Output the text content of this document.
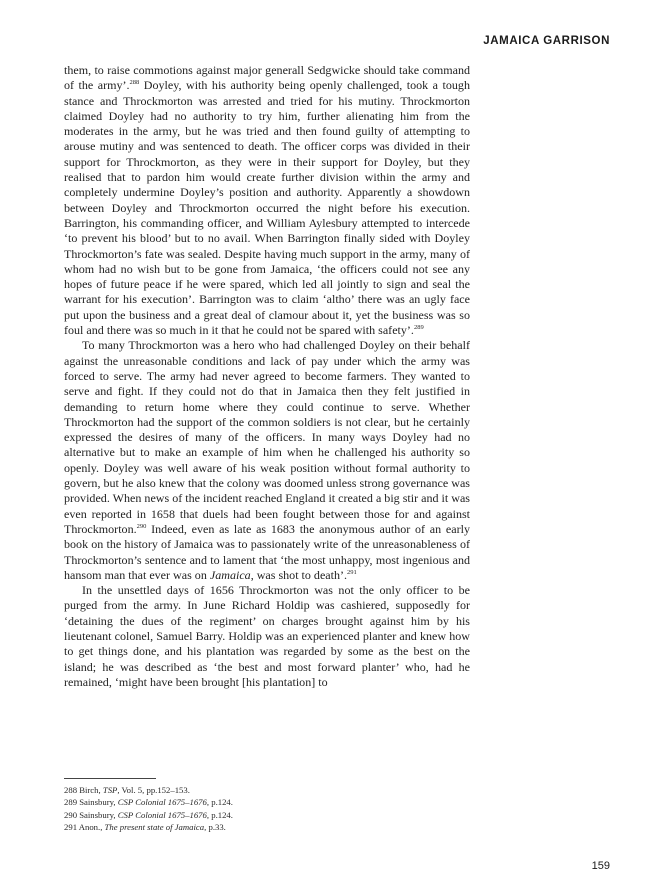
JAMAICA GARRISON

them, to raise commotions against major generall Sedgwicke should take command of the army’.$^{288}$ Doyley, with his authority being openly challenged, took a tough stance and Throckmorton was arrested and tried for his mutiny. Throckmorton claimed Doyley had no authority to try him, further alienating him from the moderates in the army, but he was tried and then found guilty of attempting to arouse mutiny and was sentenced to death. The officer corps was divided in their support for Throckmorton, as they were in their support for Doyley, but they realised that to pardon him would create further division within the army and completely undermine Doyley’s position and authority. Apparently a showdown between Doyley and Throckmorton occurred the night before his execution. Barrington, his commanding officer, and William Aylesbury attempted to intercede ‘to prevent his blood’ but to no avail. When Barrington finally sided with Doyley Throckmorton’s fate was sealed. Despite having much support in the army, many of whom had no wish but to be gone from Jamaica, ‘the officers could not see any hopes of future peace if he were spared, which led all jointly to sign and seal the warrant for his execution’. Barrington was to claim ‘altho’ there was an ugly face put upon the business and a great deal of clamour about it, yet the business was so foul and there was so much in it that he could not be spared with safety’.$^{289}$

To many Throckmorton was a hero who had challenged Doyley on their behalf against the unreasonable conditions and lack of pay under which the army was forced to serve. The army had never agreed to become farmers. They wanted to serve and fight. If they could not do that in Jamaica then they felt justified in demanding to return home where they could continue to serve. Whether Throckmorton had the support of the common soldiers is not clear, but he certainly expressed the desires of many of the officers. In many ways Doyley had no alternative but to make an example of him when he challenged his authority so openly. Doyley was well aware of his weak position without formal authority to govern, but he also knew that the colony was doomed unless strong governance was provided. When news of the incident reached England it created a big stir and it was even reported in 1658 that duels had been fought between those for and against Throckmorton.$^{290}$ Indeed, even as late as 1683 the anonymous author of an early book on the history of Jamaica was to passionately write of the unreasonableness of Throckmorton’s sentence and to lament that ‘the most unhappy, most ingenious and hansom man that ever was on Jamaica, was shot to death’.$^{291}$

In the unsettled days of 1656 Throckmorton was not the only officer to be purged from the army. In June Richard Holdip was cashiered, supposedly for ‘detaining the dues of the regiment’ on charges brought against him by his lieutenant colonel, Samuel Barry. Holdip was an experienced planter and knew how to get things done, and his plantation was regarded by some as the best on the island; he was described as ‘the best and most forward planter’ who, had he remained, ‘might have been brought [his plantation] to

288 Birch, TSP, Vol. 5, pp.152–153.

289 Sainsbury, CSP Colonial 1675–1676, p.124.

290 Sainsbury, CSP Colonial 1675–1676, p.124.

291 Anon., The present state of Jamaica, p.33.

159
